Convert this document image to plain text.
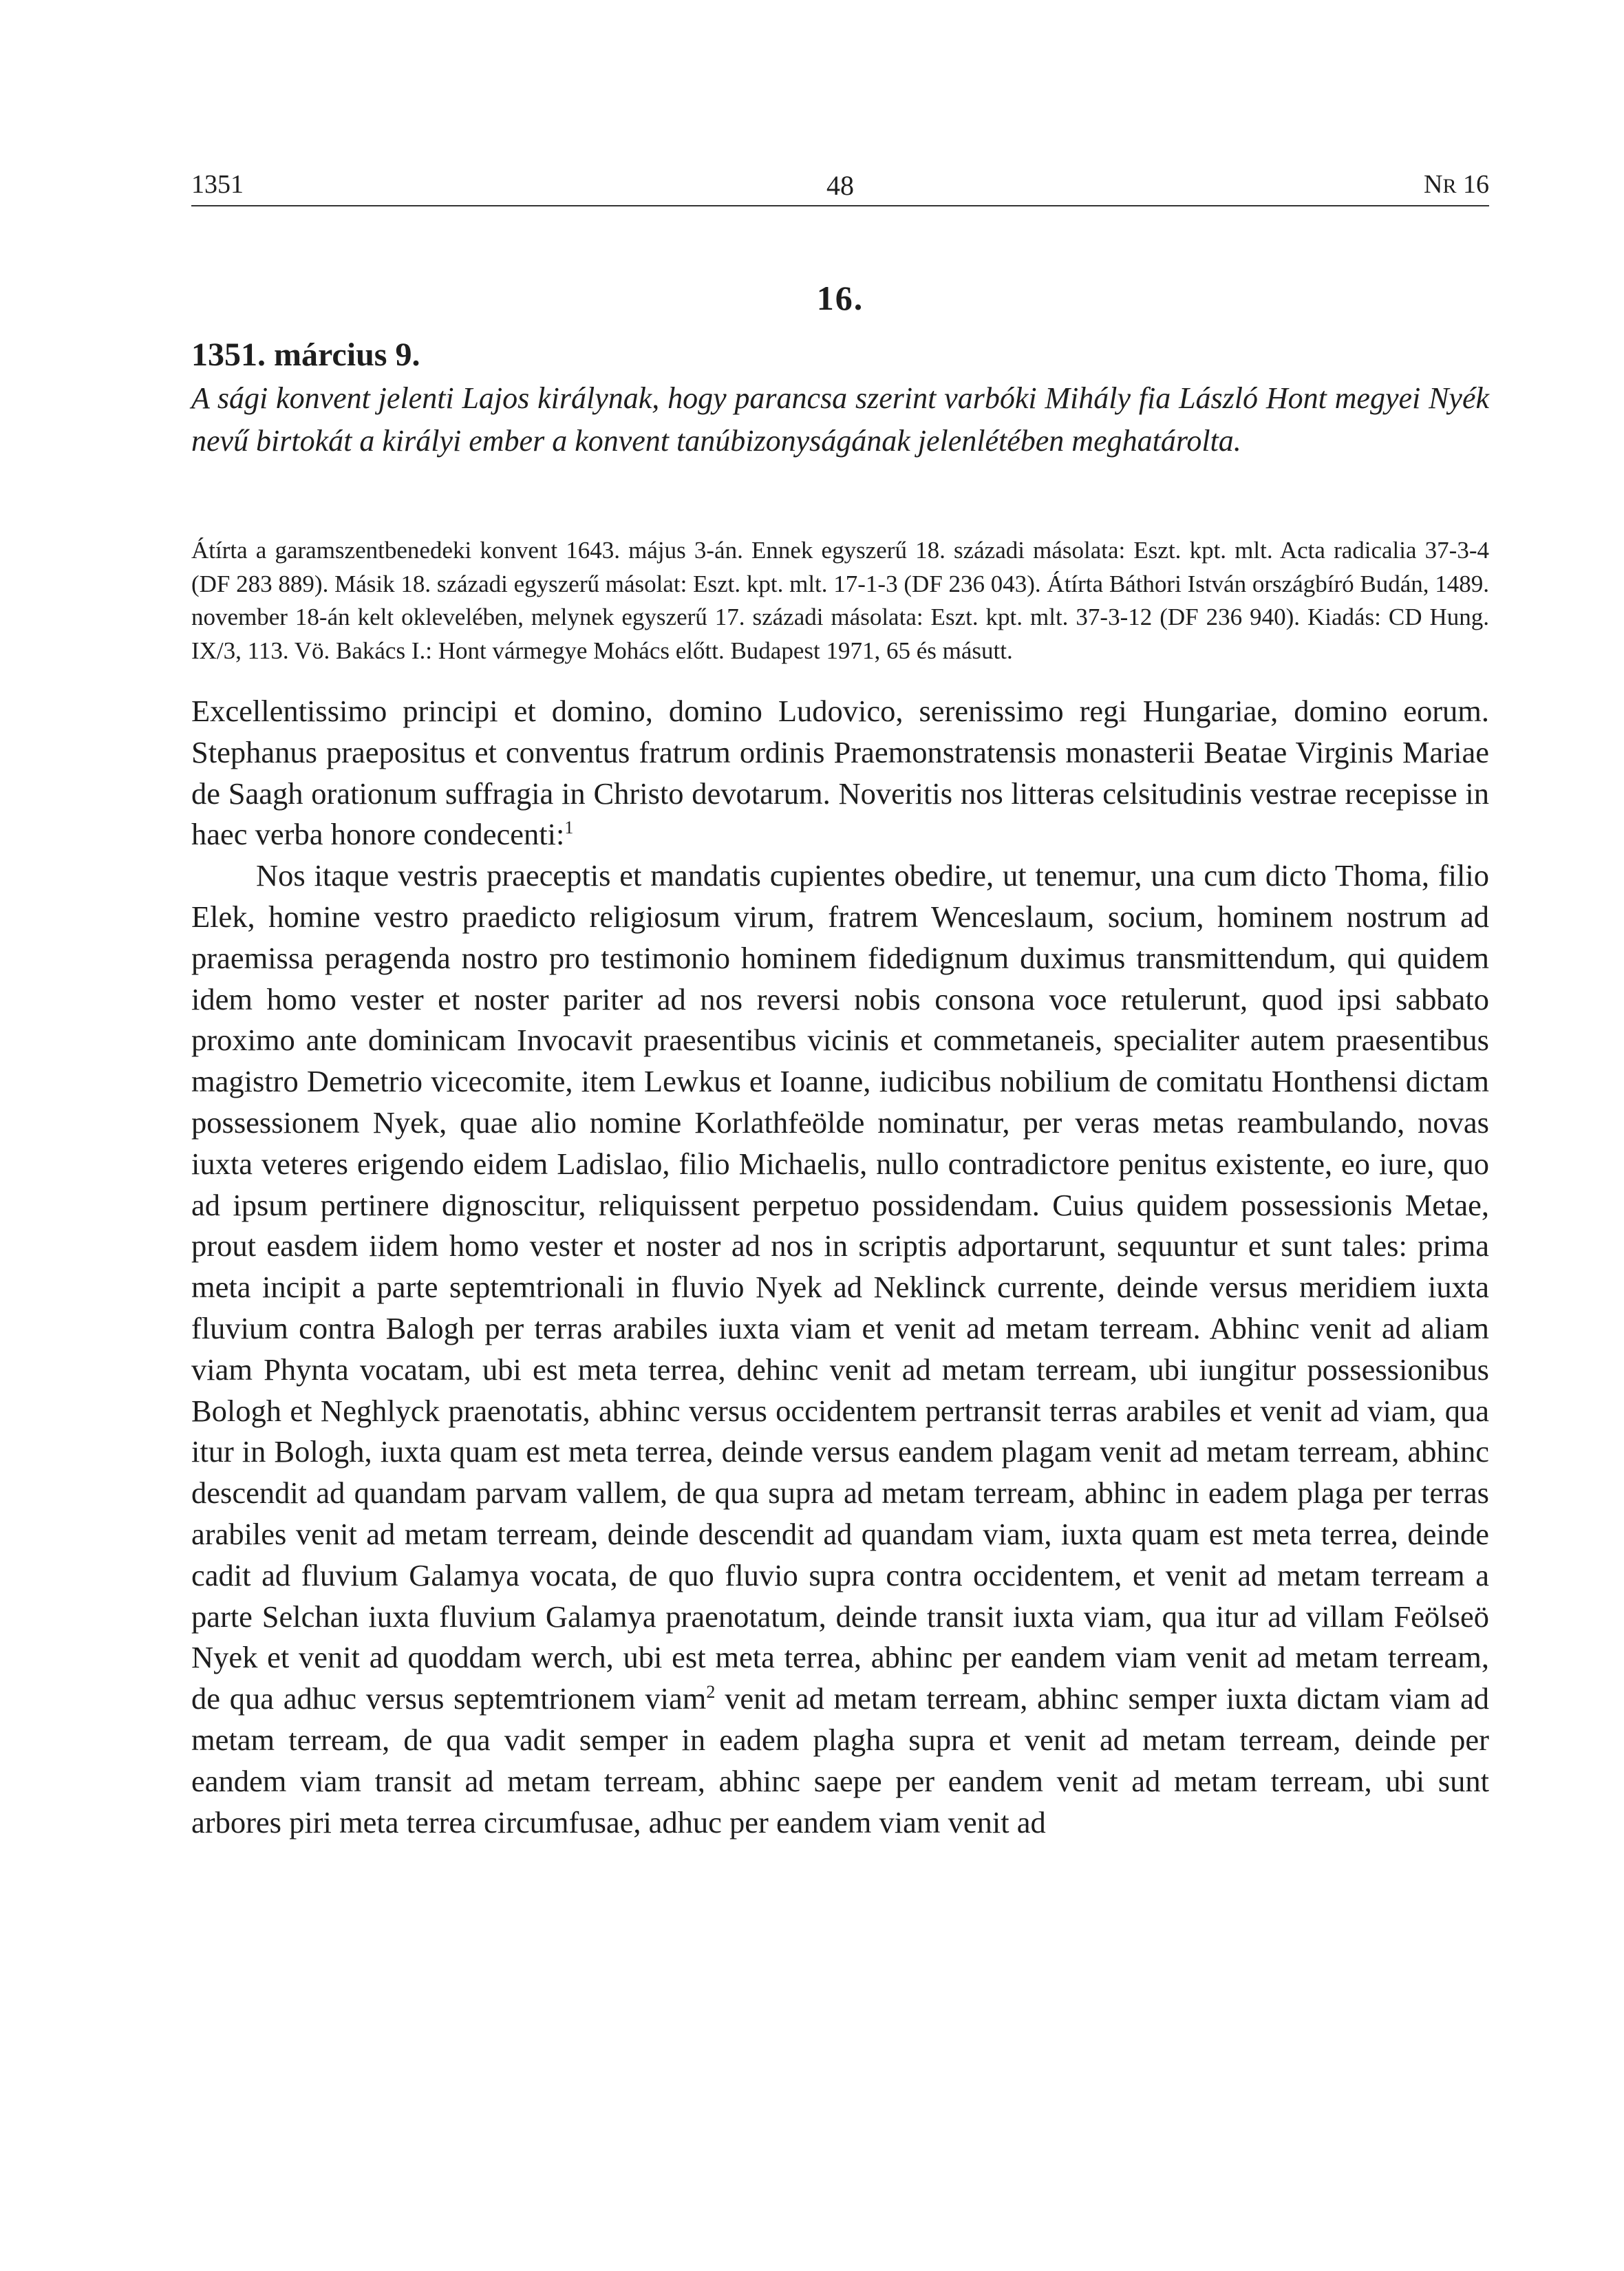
1351	48	NR 16
16.
1351. március 9.
A sági konvent jelenti Lajos királynak, hogy parancsa szerint varbóki Mihály fia László Hont megyei Nyék nevű birtokát a királyi ember a konvent tanúbizonyságának jelenlétében meghatárolta.
Átírta a garamszentbenedeki konvent 1643. május 3-án. Ennek egyszerű 18. századi másolata: Eszt. kpt. mlt. Acta radicalia 37-3-4 (DF 283 889). Másik 18. századi egyszerű másolat: Eszt. kpt. mlt. 17-1-3 (DF 236 043). Átírta Báthori István országbíró Budán, 1489. november 18-án kelt oklevelében, melynek egyszerű 17. századi másolata: Eszt. kpt. mlt. 37-3-12 (DF 236 940). Kiadás: CD Hung. IX/3, 113. Vö. Bakács I.: Hont vármegye Mohács előtt. Budapest 1971, 65 és másutt.

Excellentissimo principi et domino, domino Ludovico, serenissimo regi Hungariae, domino eorum. Stephanus praepositus et conventus fratrum ordinis Praemonstratensis monasterii Beatae Virginis Mariae de Saagh orationum suffragia in Christo devotarum. Noveritis nos litteras celsitudinis vestrae recepisse in haec verba honore condecenti:$^1$

Nos itaque vestris praeceptis et mandatis cupientes obedire, ut tenemur, una cum dicto Thoma, filio Elek, homine vestro praedicto religiosum virum, fratrem Wenceslaum, socium, hominem nostrum ad praemissa peragenda nostro pro testimonio hominem fidedignum duximus transmittendum, qui quidem idem homo vester et noster pariter ad nos reversi nobis consona voce retulerunt, quod ipsi sabbato proximo ante dominicam Invocavit praesentibus vicinis et commetaneis, specialiter autem praesentibus magistro Demetrio vicecomite, item Lewkus et Ioanne, iudicibus nobilium de comitatu Honthensi dictam possessionem Nyek, quae alio nomine Korlathfeölde nominatur, per veras metas reambulando, novas iuxta veteres erigendo eidem Ladislao, filio Michaelis, nullo contradictore penitus existente, eo iure, quo ad ipsum pertinere dignoscitur, reliquissent perpetuo possidendam. Cuius quidem possessionis Metae, prout easdem iidem homo vester et noster ad nos in scriptis adportarunt, sequuntur et sunt tales: prima meta incipit a parte septemtrionali in fluvio Nyek ad Neklinck currente, deinde versus meridiem iuxta fluvium contra Balogh per terras arabiles iuxta viam et venit ad metam terream. Abhinc venit ad aliam viam Phynta vocatam, ubi est meta terrea, dehinc venit ad metam terream, ubi iungitur possessionibus Bologh et Neghlyck praenotatis, abhinc versus occidentem pertransit terras arabiles et venit ad viam, qua itur in Bologh, iuxta quam est meta terrea, deinde versus eandem plagam venit ad metam terream, abhinc descendit ad quandam parvam vallem, de qua supra ad metam terream, abhinc in eadem plaga per terras arabiles venit ad metam terream, deinde descendit ad quandam viam, iuxta quam est meta terrea, deinde cadit ad fluvium Galamya vocata, de quo fluvio supra contra occidentem, et venit ad metam terream a parte Selchan iuxta fluvium Galamya praenotatum, deinde transit iuxta viam, qua itur ad villam Feölseö Nyek et venit ad quoddam werch, ubi est meta terrea, abhinc per eandem viam venit ad metam terream, de qua adhuc versus septemtrionem viam$^2$ venit ad metam terream, abhinc semper iuxta dictam viam ad metam terream, de qua vadit semper in eadem plagha supra et venit ad metam terream, deinde per eandem viam transit ad metam terream, abhinc saepe per eandem venit ad metam terream, ubi sunt arbores piri meta terrea circumfusae, adhuc per eandem viam venit ad
